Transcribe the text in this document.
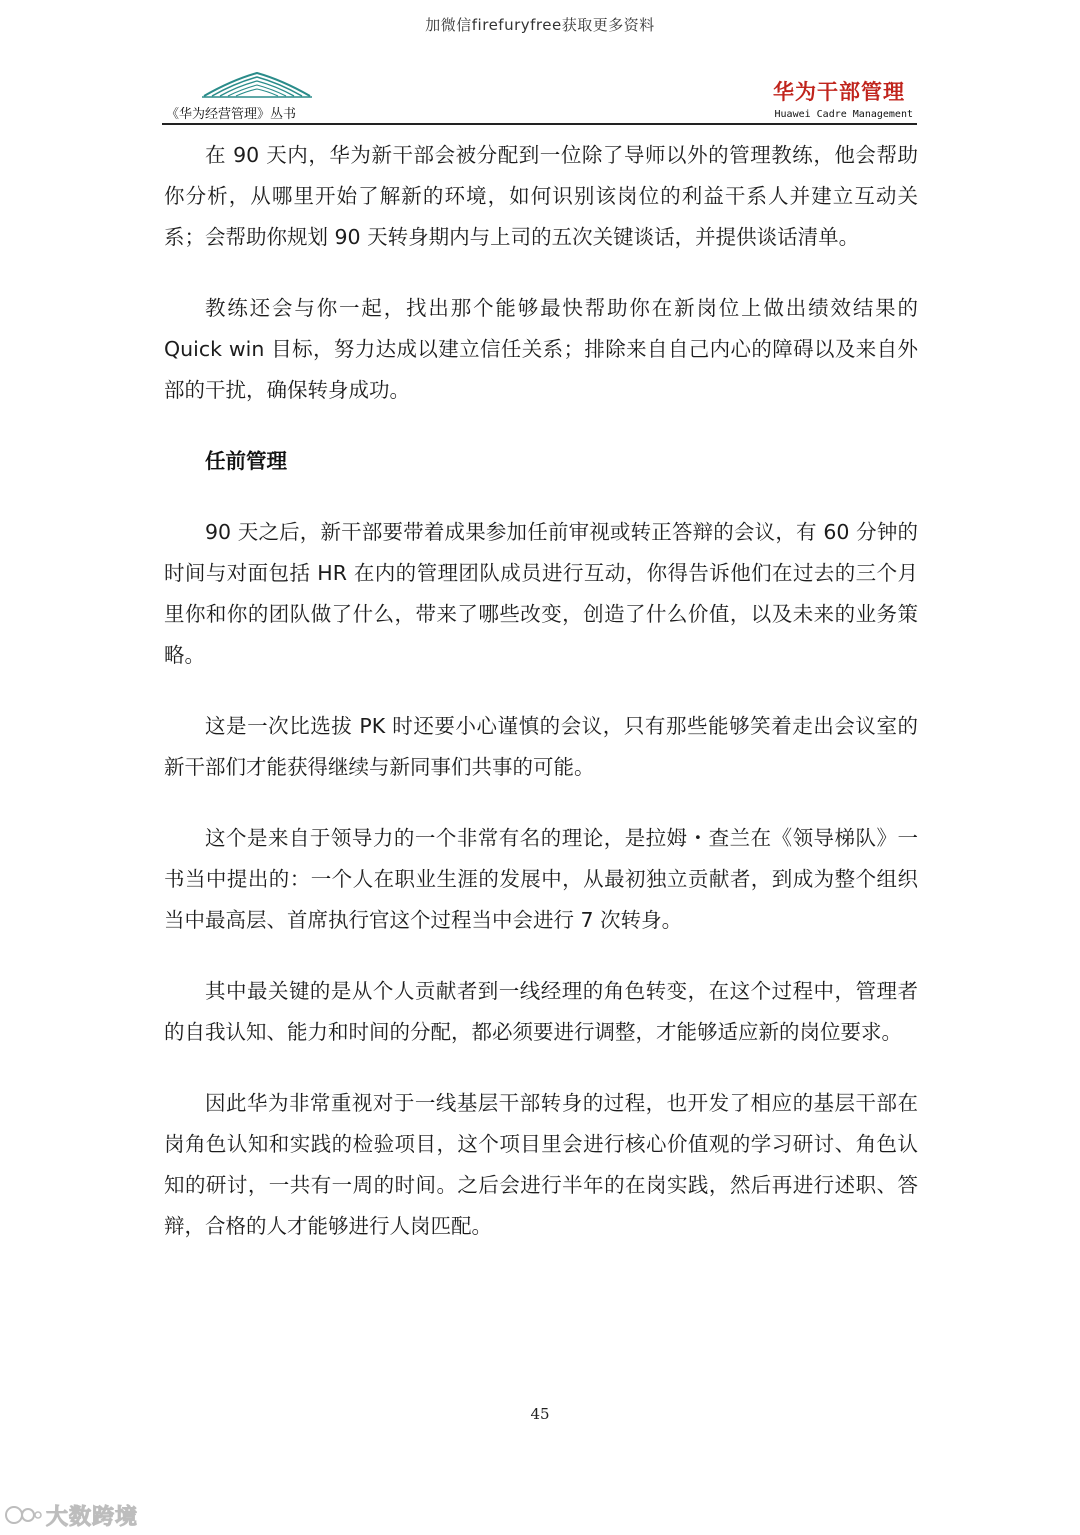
加微信firefuryfree获取更多资料
《华为经营管理》丛书
华为干部管理
Huawei Cadre Management

在 90 天内，华为新干部会被分配到一位除了导师以外的管理教练，他会帮助你分析，从哪里开始了解新的环境，如何识别该岗位的利益干系人并建立互动关系；会帮助你规划 90 天转身期内与上司的五次关键谈话，并提供谈话清单。

教练还会与你一起，找出那个能够最快帮助你在新岗位上做出绩效结果的 Quick win 目标，努力达成以建立信任关系；排除来自自己内心的障碍以及来自外部的干扰，确保转身成功。

任前管理

90 天之后，新干部要带着成果参加任前审视或转正答辩的会议，有 60 分钟的时间与对面包括 HR 在内的管理团队成员进行互动，你得告诉他们在过去的三个月里你和你的团队做了什么，带来了哪些改变，创造了什么价值，以及未来的业务策略。

这是一次比选拔 PK 时还要小心谨慎的会议，只有那些能够笑着走出会议室的新干部们才能获得继续与新同事们共事的可能。

这个是来自于领导力的一个非常有名的理论，是拉姆・查兰在《领导梯队》一书当中提出的：一个人在职业生涯的发展中，从最初独立贡献者，到成为整个组织当中最高层、首席执行官这个过程当中会进行 7 次转身。

其中最关键的是从个人贡献者到一线经理的角色转变，在这个过程中，管理者的自我认知、能力和时间的分配，都必须要进行调整，才能够适应新的岗位要求。

因此华为非常重视对于一线基层干部转身的过程，也开发了相应的基层干部在岗角色认知和实践的检验项目，这个项目里会进行核心价值观的学习研讨、角色认知的研讨，一共有一周的时间。之后会进行半年的在岗实践，然后再进行述职、答辩，合格的人才能够进行人岗匹配。

45
大数跨境
